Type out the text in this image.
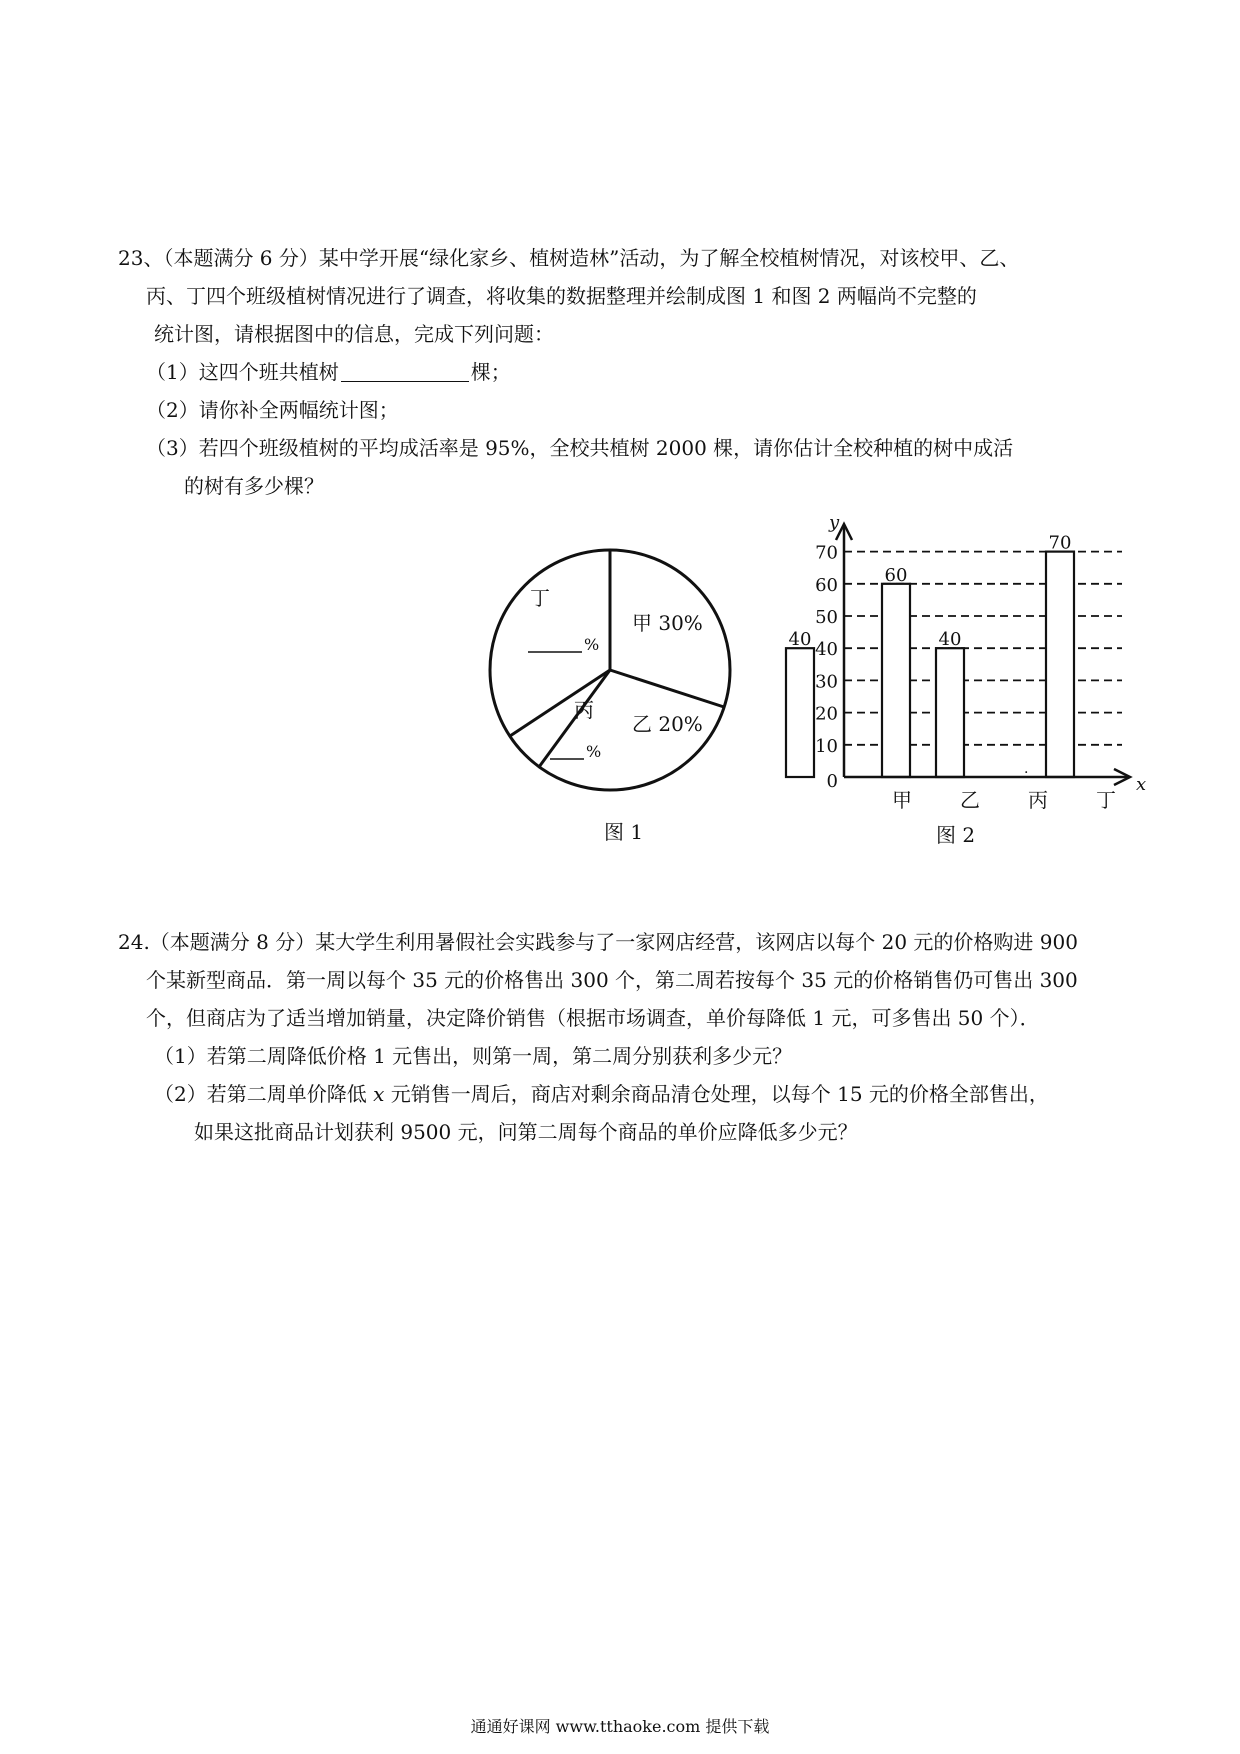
23、（本题满分 6 分）某中学开展“绿化家乡、植树造林”活动，为了解全校植树情况，对该校甲、乙、
丙、丁四个班级植树情况进行了调查，将收集的数据整理并绘制成图 1 和图 2 两幅尚不完整的
统计图，请根据图中的信息，完成下列问题：
（1）这四个班共植树	棵；
（2）请你补全两幅统计图；
（3）若四个班级植树的平均成活率是 95%，全校共植树 2000 棵，请你估计全校种植的树中成活
的树有多少棵？
甲 30%
乙 20%
丙
%
丁
%
图 1
60
40
70
40
0
10
20
30
40
50
60
70
甲 乙 丙 丁
.
y
x
图 2
24.（本题满分 8 分）某大学生利用暑假社会实践参与了一家网店经营，该网店以每个 20 元的价格购进 900
个某新型商品．第一周以每个 35 元的价格售出 300 个，第二周若按每个 35 元的价格销售仍可售出 300
个，但商店为了适当增加销量，决定降价销售（根据市场调查，单价每降低 1 元，可多售出 50 个）．
（1）若第二周降低价格 1 元售出，则第一周，第二周分别获利多少元？
（2）若第二周单价降低 x 元销售一周后，商店对剩余商品清仓处理，以每个 15 元的价格全部售出，
如果这批商品计划获利 9500 元，问第二周每个商品的单价应降低多少元？
通通好课网 www.tthaoke.com 提供下载
